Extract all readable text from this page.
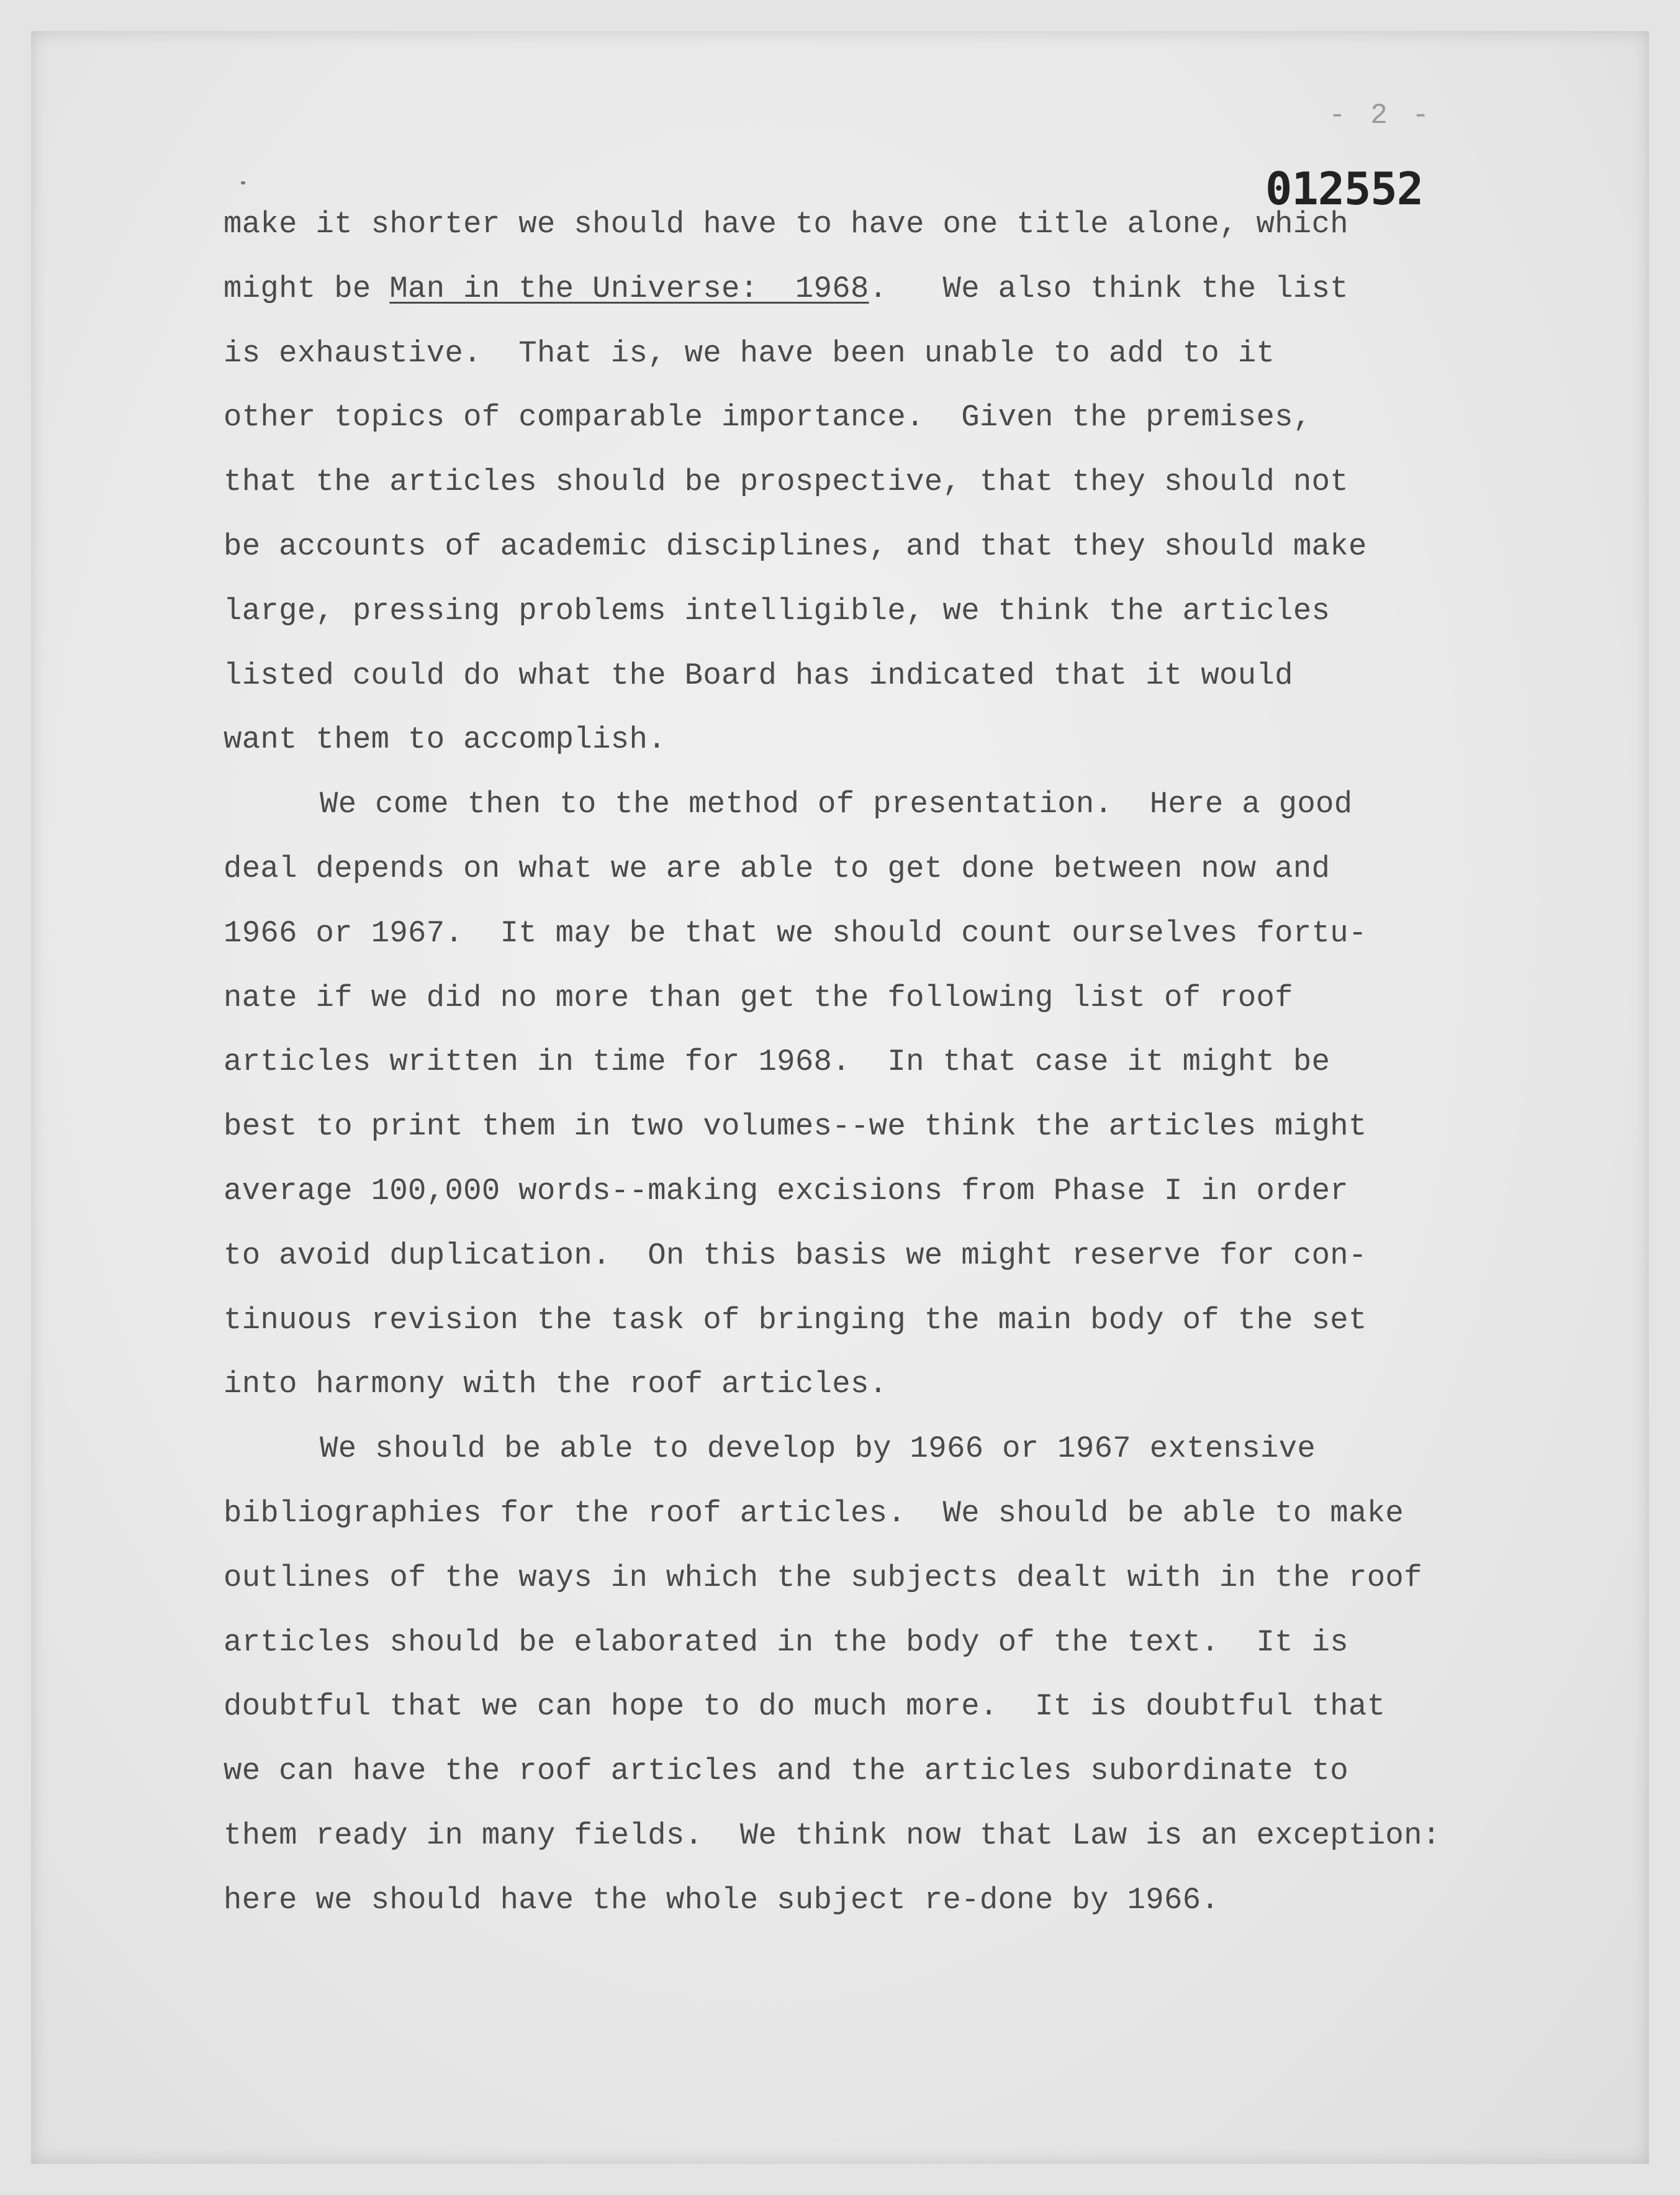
- 2 -

012552

make it shorter we should have to have one title alone, which
might be Man in the Universe:  1968.   We also think the list
is exhaustive.  That is, we have been unable to add to it
other topics of comparable importance.  Given the premises,
that the articles should be prospective, that they should not
be accounts of academic disciplines, and that they should make
large, pressing problems intelligible, we think the articles
listed could do what the Board has indicated that it would
want them to accomplish.
We come then to the method of presentation.  Here a good
deal depends on what we are able to get done between now and
1966 or 1967.  It may be that we should count ourselves fortu-
nate if we did no more than get the following list of roof
articles written in time for 1968.  In that case it might be
best to print them in two volumes--we think the articles might
average 100,000 words--making excisions from Phase I in order
to avoid duplication.  On this basis we might reserve for con-
tinuous revision the task of bringing the main body of the set
into harmony with the roof articles.
We should be able to develop by 1966 or 1967 extensive
bibliographies for the roof articles.  We should be able to make
outlines of the ways in which the subjects dealt with in the roof
articles should be elaborated in the body of the text.  It is
doubtful that we can hope to do much more.  It is doubtful that
we can have the roof articles and the articles subordinate to
them ready in many fields.  We think now that Law is an exception:
here we should have the whole subject re-done by 1966.
